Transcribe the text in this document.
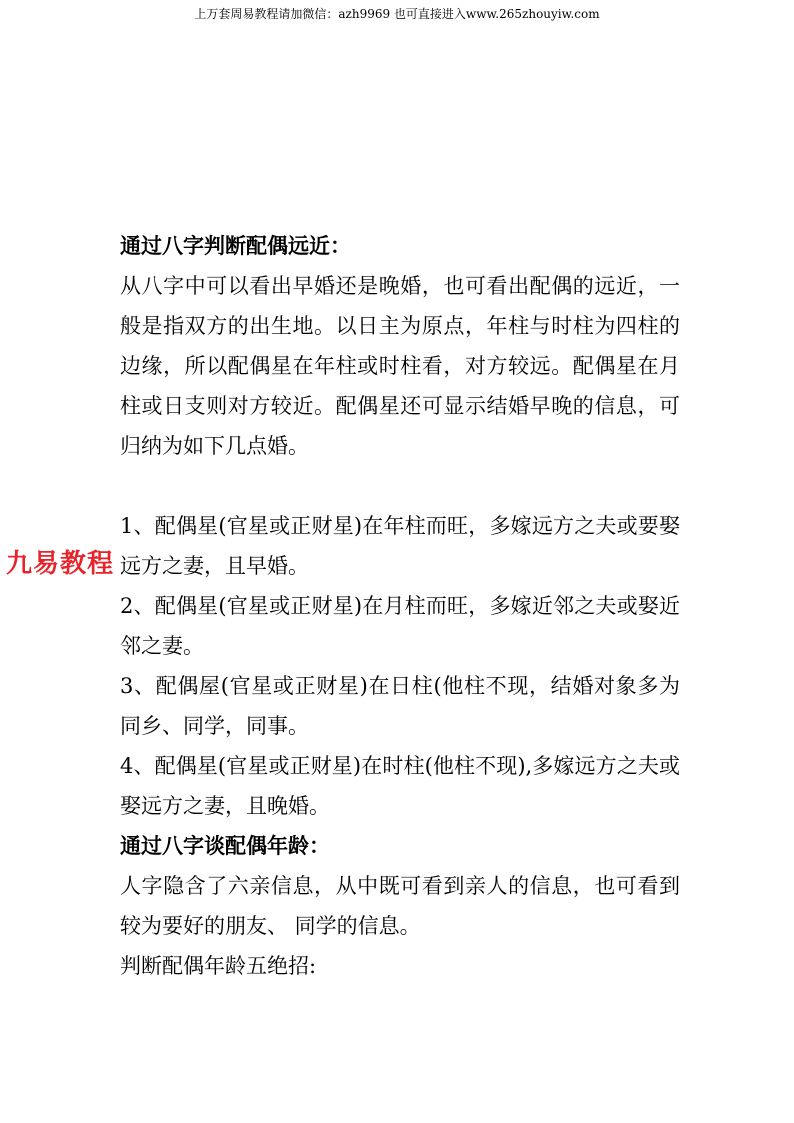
上万套周易教程请加微信：azh9969 也可直接进入www.265zhouyiw.com
九易教程

通过八字判断配偶远近：

从八字中可以看出早婚还是晚婚，也可看出配偶的远近，一般是指双方的出生地。以日主为原点，年柱与时柱为四柱的边缘，所以配偶星在年柱或时柱看，对方较远。配偶星在月柱或日支则对方较近。配偶星还可显示结婚早晚的信息，可归纳为如下几点婚。

1、配偶星(官星或正财星)在年柱而旺，多嫁远方之夫或要娶远方之妻，且早婚。

2、配偶星(官星或正财星)在月柱而旺，多嫁近邻之夫或娶近邻之妻。

3、配偶屋(官星或正财星)在日柱(他柱不现，结婚对象多为同乡、同学，同事。

4、配偶星(官星或正财星)在时柱(他柱不现),多嫁远方之夫或娶远方之妻，且晚婚。

通过八字谈配偶年龄：

人字隐含了六亲信息，从中既可看到亲人的信息，也可看到较为要好的朋友、 同学的信息。

判断配偶年龄五绝招:
